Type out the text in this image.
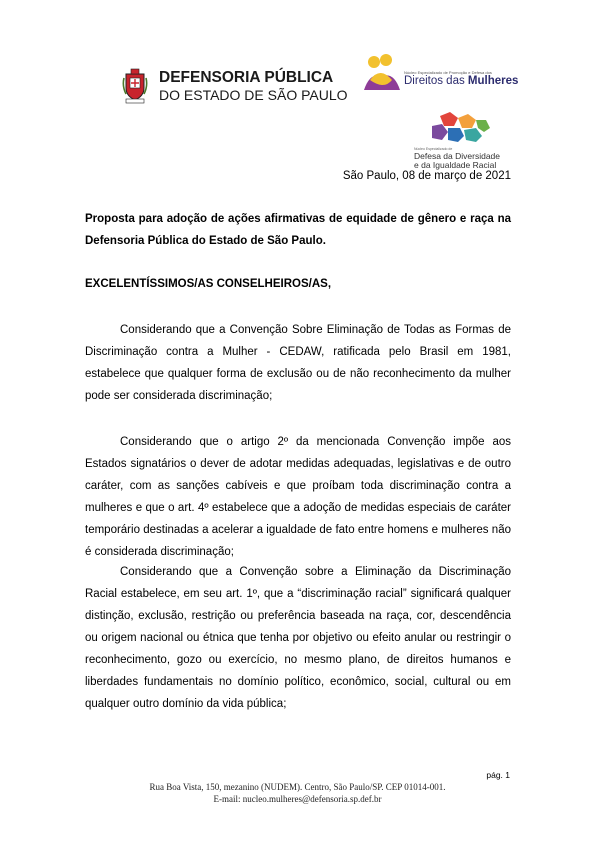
DEFENSORIA PÚBLICA
DO ESTADO DE SÃO PAULO
Núcleo Especializado de Promoção e Defesa dos
Direitos das Mulheres
Núcleo Especializado de
Defesa da Diversidade
e da Igualdade Racial
São Paulo, 08 de março de 2021

Proposta para adoção de ações afirmativas de equidade de gênero e raça na Defensoria Pública do Estado de São Paulo.

EXCELENTÍSSIMOS/AS CONSELHEIROS/AS,

Considerando que a Convenção Sobre Eliminação de Todas as Formas de Discriminação contra a Mulher - CEDAW, ratificada pelo Brasil em 1981, estabelece que qualquer forma de exclusão ou de não reconhecimento da mulher pode ser considerada discriminação;

Considerando que o artigo 2º da mencionada Convenção impõe aos Estados signatários o dever de adotar medidas adequadas, legislativas e de outro caráter, com as sanções cabíveis e que proíbam toda discriminação contra a mulheres e que o art. 4º estabelece que a adoção de medidas especiais de caráter temporário destinadas a acelerar a igualdade de fato entre homens e mulheres não é considerada discriminação;

Considerando que a Convenção sobre a Eliminação da Discriminação Racial estabelece, em seu art. 1º, que a “discriminação racial” significará qualquer distinção, exclusão, restrição ou preferência baseada na raça, cor, descendência ou origem nacional ou étnica que tenha por objetivo ou efeito anular ou restringir o reconhecimento, gozo ou exercício, no mesmo plano, de direitos humanos e liberdades fundamentais no domínio político, econômico, social, cultural ou em qualquer outro domínio da vida pública;

pág. 1
Rua Boa Vista, 150, mezanino (NUDEM). Centro, São Paulo/SP. CEP 01014-001.
E-mail: nucleo.mulheres@defensoria.sp.def.br
